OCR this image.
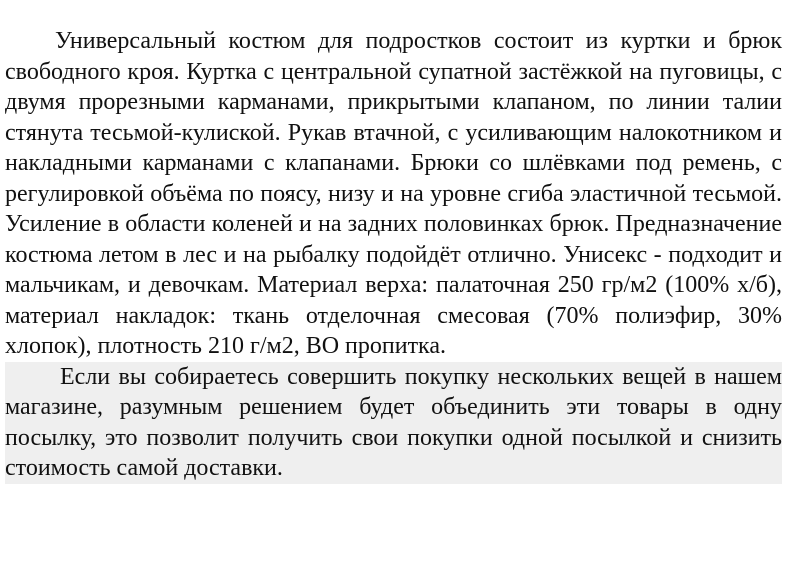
Универсальный костюм для подростков состоит из куртки и брюк свободного кроя. Куртка с центральной супатной застёжкой на пуговицы, с двумя прорезными карманами, прикрытыми клапаном, по линии талии стянута тесьмой-кулиской. Рукав втачной, с усиливающим налокотником и накладными карманами с клапанами. Брюки со шлёвками под ремень, с регулировкой объёма по поясу, низу и на уровне сгиба эластичной тесьмой. Усиление в области коленей и на задних половинках брюк. Предназначение костюма летом в лес и на рыбалку подойдёт отлично. Унисекс - подходит и мальчикам, и девочкам. Материал верха: палаточная 250 гр/м2 (100% х/б), материал накладок: ткань отделочная смесовая (70% полиэфир, 30% хлопок), плотность 210 г/м2, ВО пропитка.

Если вы собираетесь совершить покупку нескольких вещей в нашем магазине, разумным решением будет объединить эти товары в одну посылку, это позволит получить свои покупки одной посылкой и снизить стоимость самой доставки.
